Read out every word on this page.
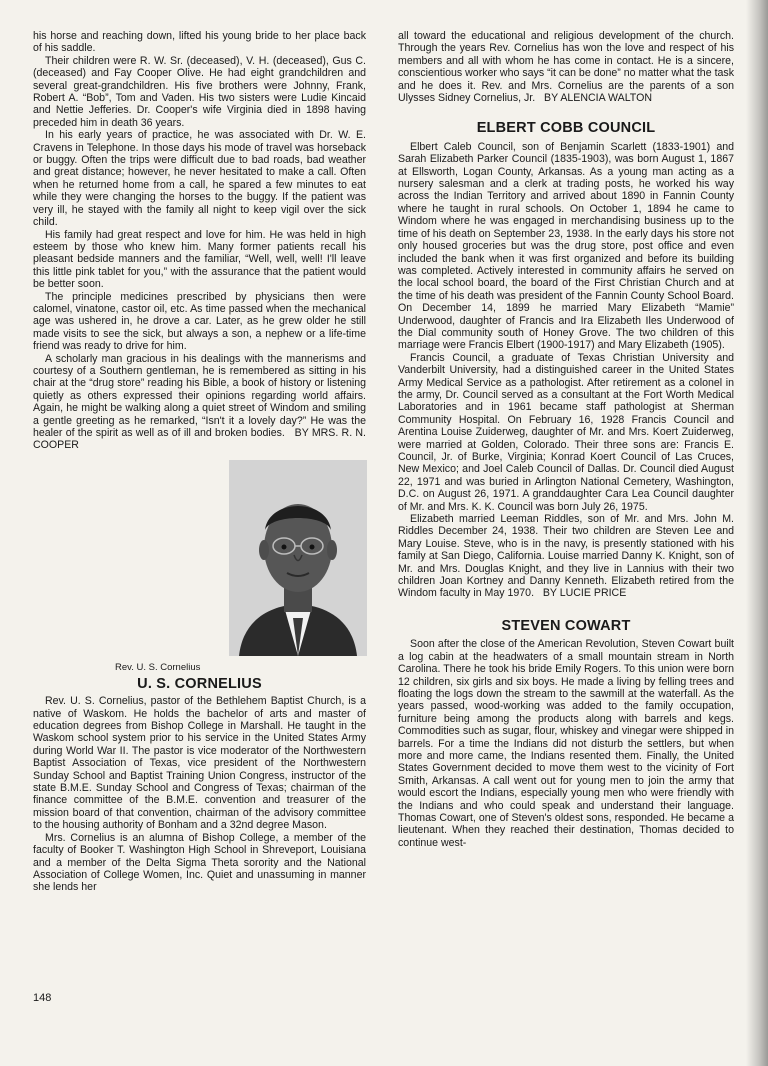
his horse and reaching down, lifted his young bride to her place back of his saddle.

Their children were R. W. Sr. (deceased), V. H. (deceased), Gus C. (deceased) and Fay Cooper Olive. He had eight grandchildren and several great-grandchildren. His five brothers were Johnny, Frank, Robert A. “Bob”, Tom and Vaden. His two sisters were Ludie Kincaid and Nettie Jefferies. Dr. Cooper's wife Virginia died in 1898 having preceded him in death 36 years.

In his early years of practice, he was associated with Dr. W. E. Cravens in Telephone. In those days his mode of travel was horseback or buggy. Often the trips were difficult due to bad roads, bad weather and great distance; however, he never hesitated to make a call. Often when he returned home from a call, he spared a few minutes to eat while they were changing the horses to the buggy. If the patient was very ill, he stayed with the family all night to keep vigil over the sick child.

His family had great respect and love for him. He was held in high esteem by those who knew him. Many former patients recall his pleasant bedside manners and the familiar, “Well, well, well! I'll leave this little pink tablet for you,” with the assurance that the patient would be better soon.

The principle medicines prescribed by physicians then were calomel, vinatone, castor oil, etc. As time passed when the mechanical age was ushered in, he drove a car. Later, as he grew older he still made visits to see the sick, but always a son, a nephew or a life-time friend was ready to drive for him.

A scholarly man gracious in his dealings with the mannerisms and courtesy of a Southern gentleman, he is remembered as sitting in his chair at the “drug store” reading his Bible, a book of history or listening quietly as others expressed their opinions regarding world affairs. Again, he might be walking along a quiet street of Windom and smiling a gentle greeting as he remarked, “Isn't it a lovely day?” He was the healer of the spirit as well as of ill and broken bodies. BY MRS. R. N. COOPER

Rev. U. S. Cornelius
U. S. CORNELIUS

Rev. U. S. Cornelius, pastor of the Bethlehem Baptist Church, is a native of Waskom. He holds the bachelor of arts and master of education degrees from Bishop College in Marshall. He taught in the Waskom school system prior to his service in the United States Army during World War II. The pastor is vice moderator of the Northwestern Baptist Association of Texas, vice president of the Northwestern Sunday School and Baptist Training Union Congress, instructor of the state B.M.E. Sunday School and Congress of Texas; chairman of the finance committee of the B.M.E. convention and treasurer of the mission board of that convention, chairman of the advisory committee to the housing authority of Bonham and a 32nd degree Mason.

Mrs. Cornelius is an alumna of Bishop College, a member of the faculty of Booker T. Washington High School in Shreveport, Louisiana and a member of the Delta Sigma Theta sorority and the National Association of College Women, Inc. Quiet and unassuming in manner she lends her

148

all toward the educational and religious development of the church. Through the years Rev. Cornelius has won the love and respect of his members and all with whom he has come in contact. He is a sincere, conscientious worker who says “it can be done” no matter what the task and he does it. Rev. and Mrs. Cornelius are the parents of a son Ulysses Sidney Cornelius, Jr. BY ALENCIA WALTON

ELBERT COBB COUNCIL

Elbert Caleb Council, son of Benjamin Scarlett (1833-1901) and Sarah Elizabeth Parker Council (1835-1903), was born August 1, 1867 at Ellsworth, Logan County, Arkansas. As a young man acting as a nursery salesman and a clerk at trading posts, he worked his way across the Indian Territory and arrived about 1890 in Fannin County where he taught in rural schools. On October 1, 1894 he came to Windom where he was engaged in merchandising business up to the time of his death on September 23, 1938. In the early days his store not only housed groceries but was the drug store, post office and even included the bank when it was first organized and before its building was completed. Actively interested in community affairs he served on the local school board, the board of the First Christian Church and at the time of his death was president of the Fannin County School Board. On December 14, 1899 he married Mary Elizabeth “Mamie” Underwood, daughter of Francis and Ira Elizabeth Iles Underwood of the Dial community south of Honey Grove. The two children of this marriage were Francis Elbert (1900-1917) and Mary Elizabeth (1905).

Francis Council, a graduate of Texas Christian University and Vanderbilt University, had a distinguished career in the United States Army Medical Service as a pathologist. After retirement as a colonel in the army, Dr. Council served as a consultant at the Fort Worth Medical Laboratories and in 1961 became staff pathologist at Sherman Community Hospital. On February 16, 1928 Francis Council and Arentina Louise Zuiderweg, daughter of Mr. and Mrs. Koert Zuiderweg, were married at Golden, Colorado. Their three sons are: Francis E. Council, Jr. of Burke, Virginia; Konrad Koert Council of Las Cruces, New Mexico; and Joel Caleb Council of Dallas. Dr. Council died August 22, 1971 and was buried in Arlington National Cemetery, Washington, D.C. on August 26, 1971. A granddaughter Cara Lea Council daughter of Mr. and Mrs. K. K. Council was born July 26, 1975.

Elizabeth married Leeman Riddles, son of Mr. and Mrs. John M. Riddles December 24, 1938. Their two children are Steven Lee and Mary Louise. Steve, who is in the navy, is presently stationed with his family at San Diego, California. Louise married Danny K. Knight, son of Mr. and Mrs. Douglas Knight, and they live in Lannius with their two children Joan Kortney and Danny Kenneth. Elizabeth retired from the Windom faculty in May 1970. BY LUCIE PRICE

STEVEN COWART

Soon after the close of the American Revolution, Steven Cowart built a log cabin at the headwaters of a small mountain stream in North Carolina. There he took his bride Emily Rogers. To this union were born 12 children, six girls and six boys. He made a living by felling trees and floating the logs down the stream to the sawmill at the waterfall. As the years passed, wood-working was added to the family occupation, furniture being among the products along with barrels and kegs. Commodities such as sugar, flour, whiskey and vinegar were shipped in barrels. For a time the Indians did not disturb the settlers, but when more and more came, the Indians resented them. Finally, the United States Government decided to move them west to the vicinity of Fort Smith, Arkansas. A call went out for young men to join the army that would escort the Indians, especially young men who were friendly with the Indians and who could speak and understand their language. Thomas Cowart, one of Steven's oldest sons, responded. He became a lieutenant. When they reached their destination, Thomas decided to continue west-
